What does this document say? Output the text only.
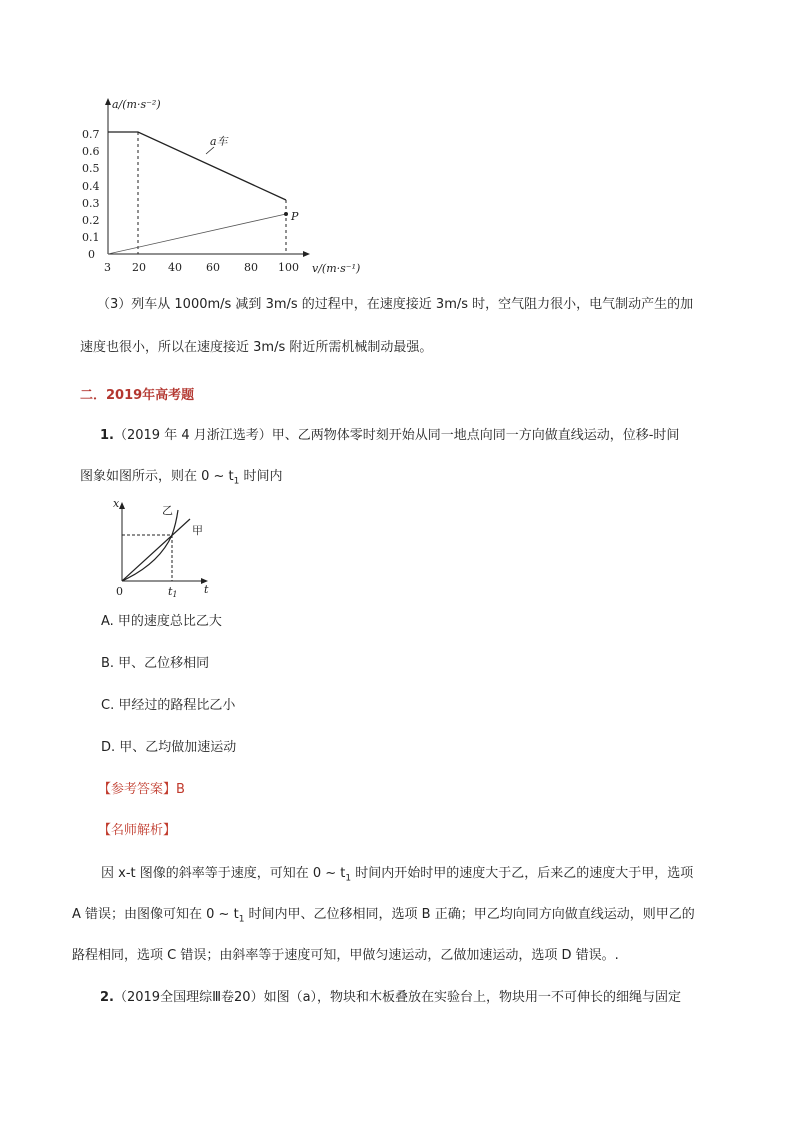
a/(m·s⁻²)
v/(m·s⁻¹)
0.7
0.6
0.5
0.4
0.3
0.2
0.1
0
3 20 40 60 80 100
P
a车
（3）列车从 1000m/s 减到 3m/s 的过程中，在速度接近 3m/s 时，空气阻力很小，电气制动产生的加
速度也很小，所以在速度接近 3m/s 附近所需机械制动最强。
二．2019年高考题
1.（2019 年 4 月浙江选考）甲、乙两物体零时刻开始从同一地点向同一方向做直线运动，位移-时间
图象如图所示，则在 0 ~ $t_1$ 时间内
x
t
0
乙
甲
t1
A. 甲的速度总比乙大
B. 甲、乙位移相同
C. 甲经过的路程比乙小
D. 甲、乙均做加速运动
【参考答案】B
【名师解析】
因 x-t 图像的斜率等于速度，可知在 0 ~ $t_1$ 时间内开始时甲的速度大于乙，后来乙的速度大于甲，选项
A 错误；由图像可知在 0 ~ $t_1$ 时间内甲、乙位移相同，选项 B 正确；甲乙均向同方向做直线运动，则甲乙的
路程相同，选项 C 错误；由斜率等于速度可知，甲做匀速运动，乙做加速运动，选项 D 错误。.
2.（2019全国理综Ⅲ卷20）如图（a），物块和木板叠放在实验台上，物块用一不可伸长的细绳与固定
